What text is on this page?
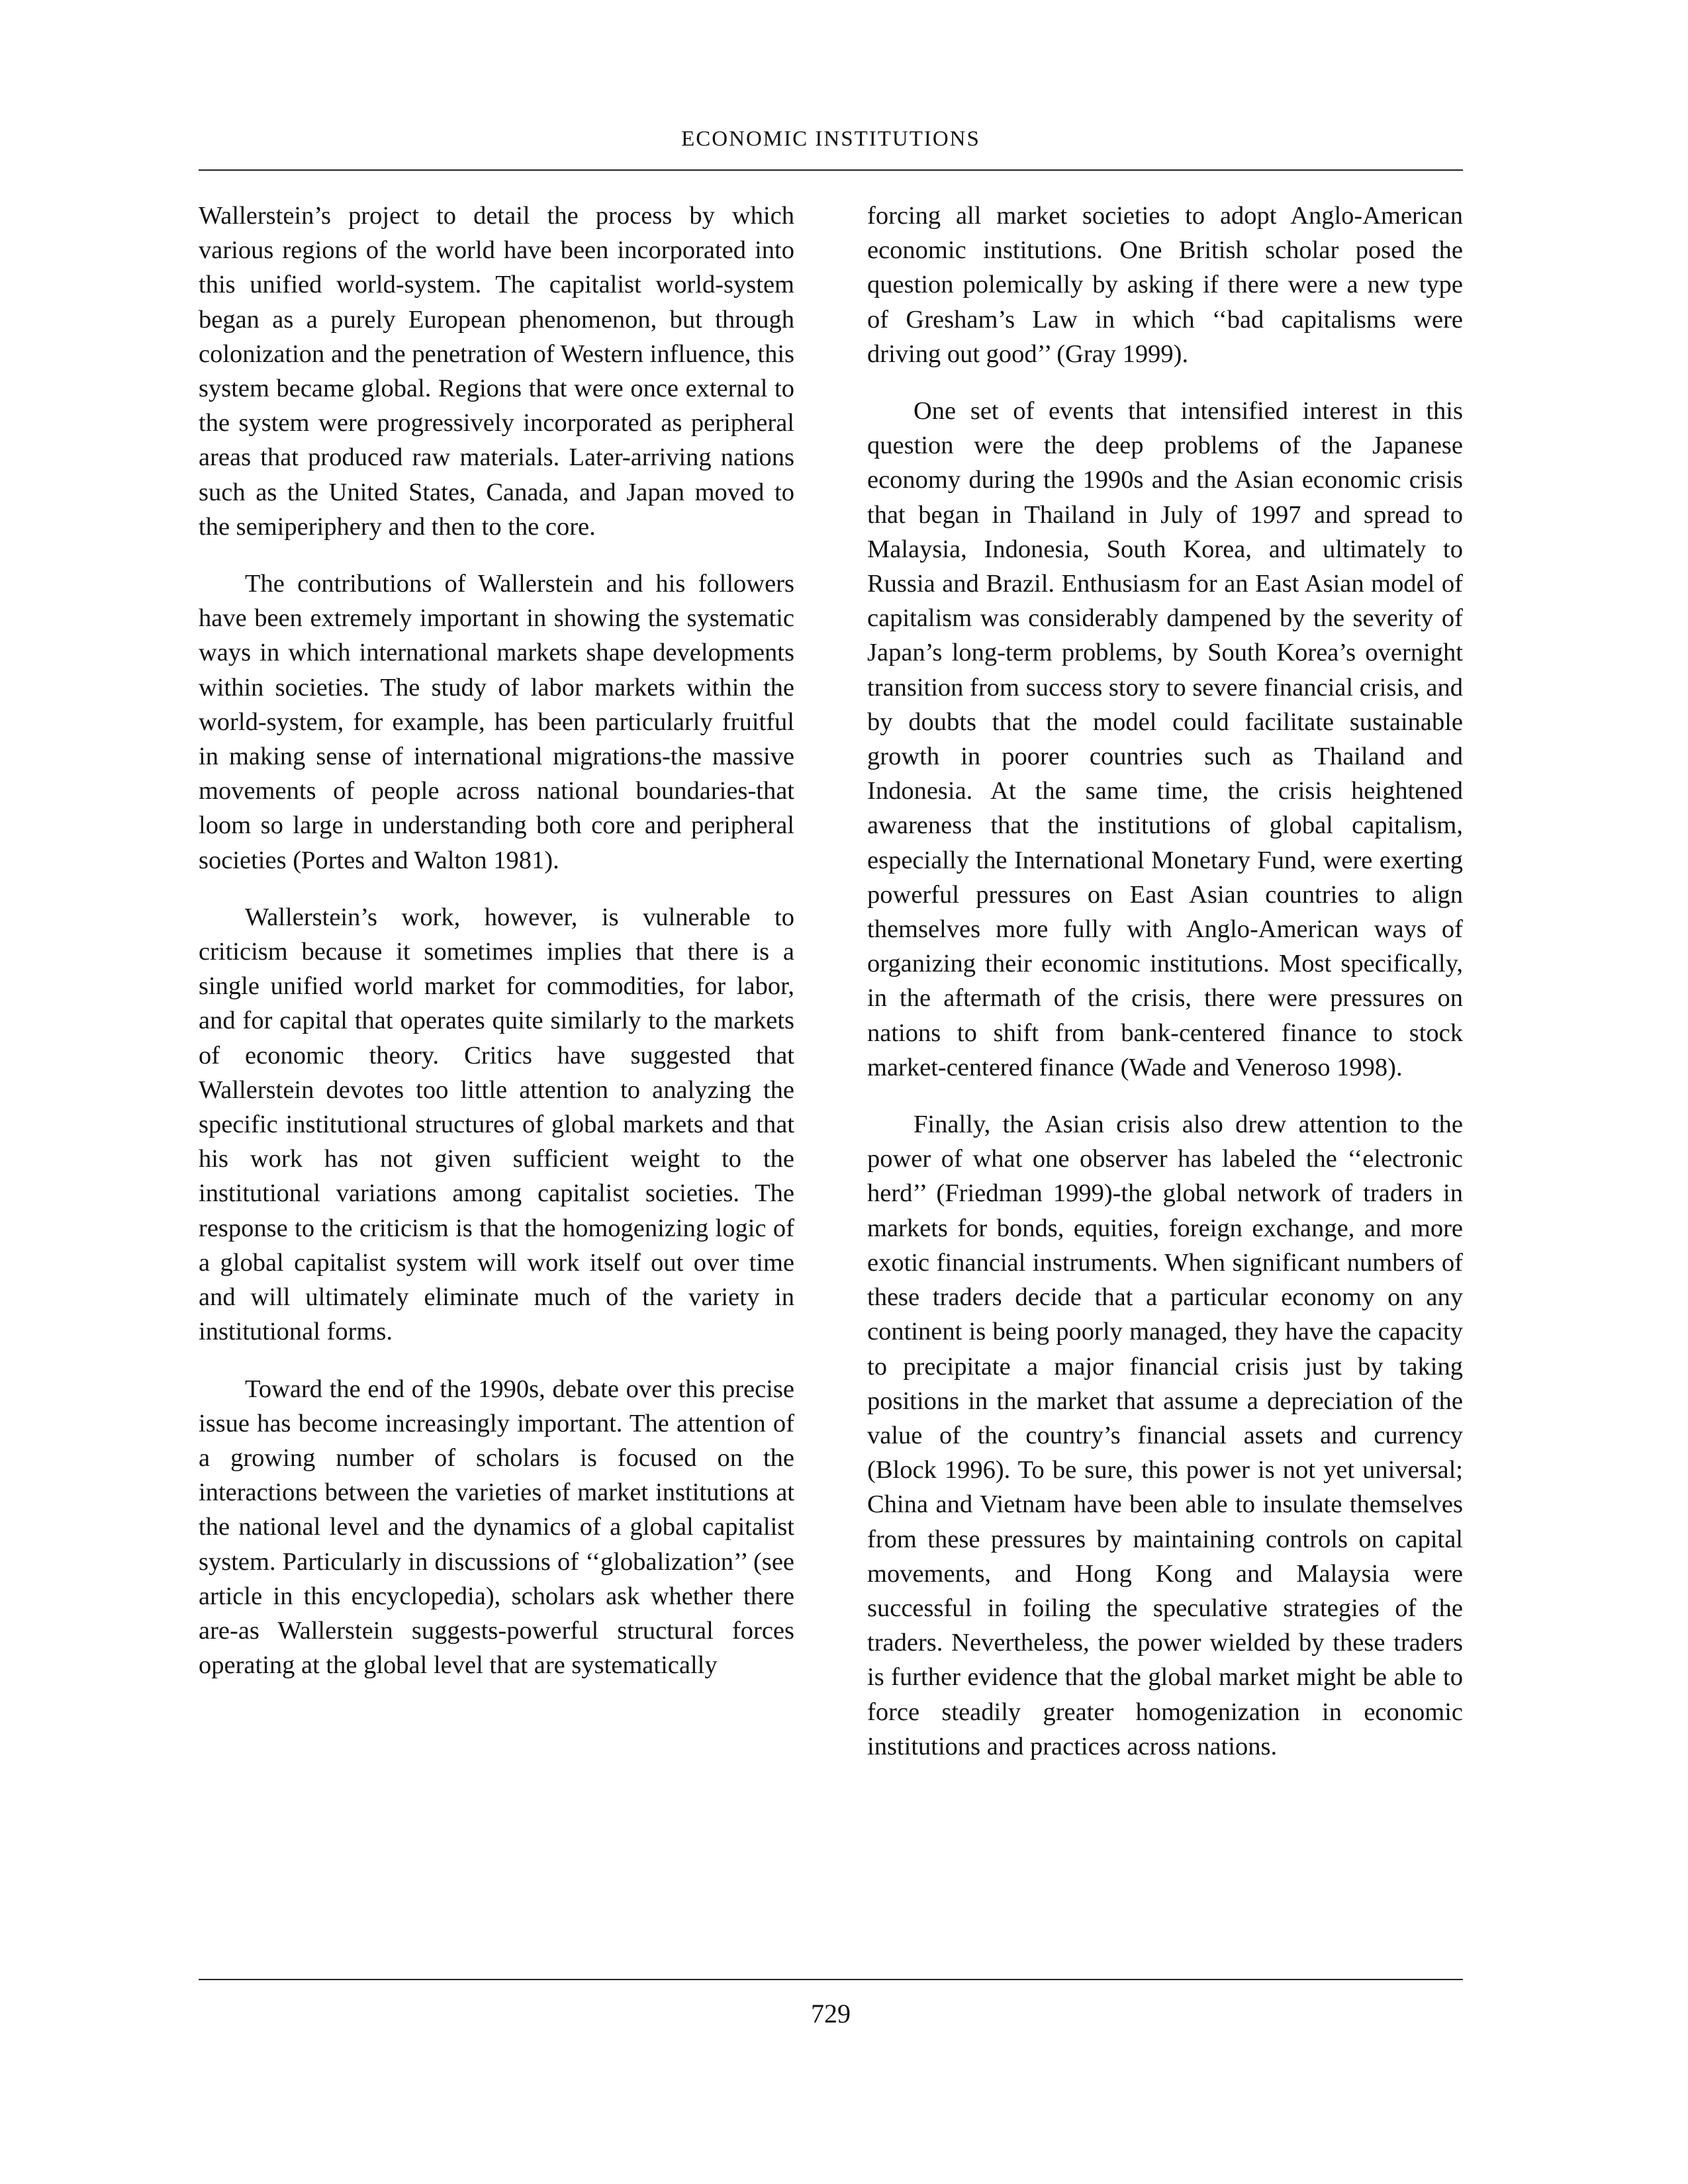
ECONOMIC INSTITUTIONS

Wallerstein’s project to detail the process by which various regions of the world have been incorporated into this unified world-system. The capitalist world-system began as a purely European phenomenon, but through colonization and the penetration of Western influence, this system became global. Regions that were once external to the system were progressively incorporated as peripheral areas that produced raw materials. Later-arriving nations such as the United States, Canada, and Japan moved to the semiperiphery and then to the core.

The contributions of Wallerstein and his followers have been extremely important in showing the systematic ways in which international markets shape developments within societies. The study of labor markets within the world-system, for example, has been particularly fruitful in making sense of international migrations-the massive movements of people across national boundaries-that loom so large in understanding both core and peripheral societies (Portes and Walton 1981).

Wallerstein’s work, however, is vulnerable to criticism because it sometimes implies that there is a single unified world market for commodities, for labor, and for capital that operates quite similarly to the markets of economic theory. Critics have suggested that Wallerstein devotes too little attention to analyzing the specific institutional structures of global markets and that his work has not given sufficient weight to the institutional variations among capitalist societies. The response to the criticism is that the homogenizing logic of a global capitalist system will work itself out over time and will ultimately eliminate much of the variety in institutional forms.

Toward the end of the 1990s, debate over this precise issue has become increasingly important. The attention of a growing number of scholars is focused on the interactions between the varieties of market institutions at the national level and the dynamics of a global capitalist system. Particularly in discussions of ‘‘globalization’’ (see article in this encyclopedia), scholars ask whether there are-as Wallerstein suggests-powerful structural forces operating at the global level that are systematically

forcing all market societies to adopt Anglo-American economic institutions. One British scholar posed the question polemically by asking if there were a new type of Gresham’s Law in which ‘‘bad capitalisms were driving out good’’ (Gray 1999).

One set of events that intensified interest in this question were the deep problems of the Japanese economy during the 1990s and the Asian economic crisis that began in Thailand in July of 1997 and spread to Malaysia, Indonesia, South Korea, and ultimately to Russia and Brazil. Enthusiasm for an East Asian model of capitalism was considerably dampened by the severity of Japan’s long-term problems, by South Korea’s overnight transition from success story to severe financial crisis, and by doubts that the model could facilitate sustainable growth in poorer countries such as Thailand and Indonesia. At the same time, the crisis heightened awareness that the institutions of global capitalism, especially the International Monetary Fund, were exerting powerful pressures on East Asian countries to align themselves more fully with Anglo-American ways of organizing their economic institutions. Most specifically, in the aftermath of the crisis, there were pressures on nations to shift from bank-centered finance to stock market-centered finance (Wade and Veneroso 1998).

Finally, the Asian crisis also drew attention to the power of what one observer has labeled the ‘‘electronic herd’’ (Friedman 1999)-the global network of traders in markets for bonds, equities, foreign exchange, and more exotic financial instruments. When significant numbers of these traders decide that a particular economy on any continent is being poorly managed, they have the capacity to precipitate a major financial crisis just by taking positions in the market that assume a depreciation of the value of the country’s financial assets and currency (Block 1996). To be sure, this power is not yet universal; China and Vietnam have been able to insulate themselves from these pressures by maintaining controls on capital movements, and Hong Kong and Malaysia were successful in foiling the speculative strategies of the traders. Nevertheless, the power wielded by these traders is further evidence that the global market might be able to force steadily greater homogenization in economic institutions and practices across nations.

729
